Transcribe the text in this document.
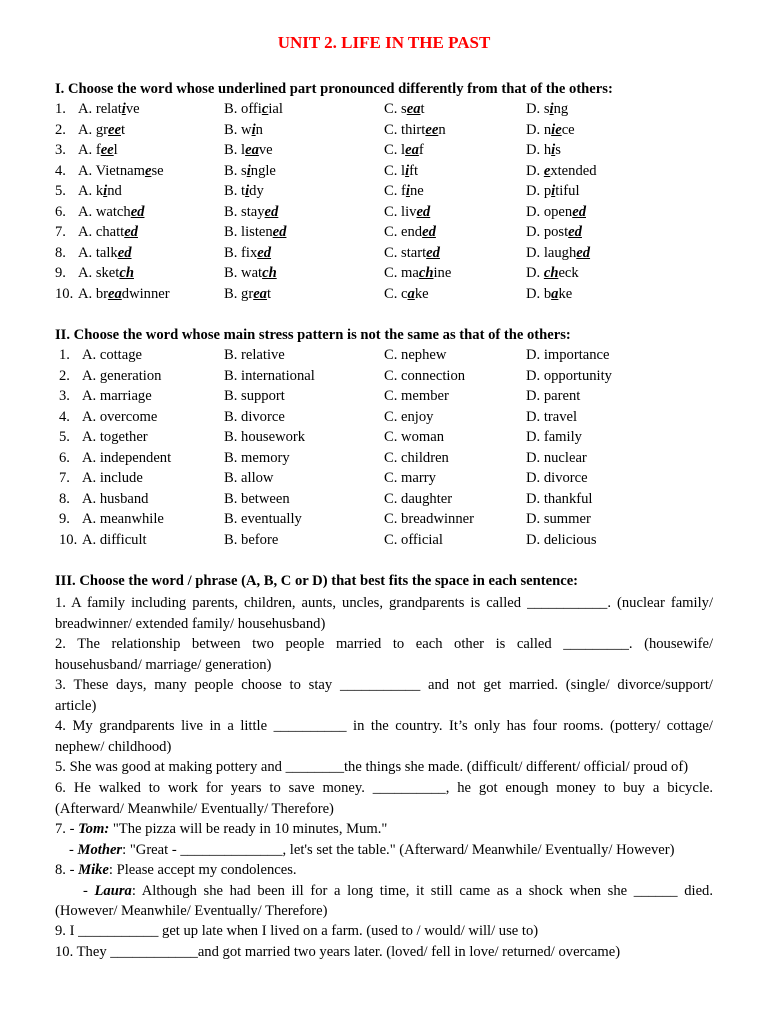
UNIT 2. LIFE IN THE PAST
I. Choose the word whose underlined part pronounced differently from that of the others:
1. A. relative	B. official	C. seat	D. sing
2. A. greet	B. win	C. thirteen	D. niece
3. A. feel	B. leave	C. leaf	D. his
4. A. Vietnamese	B. single	C. lift	D. extended
5. A. kind	B. tidy	C. fine	D. pitiful
6. A. watched	B. stayed	C. lived	D. opened
7. A. chatted	B. listened	C. ended	D. posted
8. A. talked	B. fixed	C. started	D. laughed
9. A. sketch	B. watch	C. machine	D. check
10. A. breadwinner	B. great	C. cake	D. bake
II. Choose the word whose main stress pattern is not the same as that of the others:
1. A. cottage	B. relative	C. nephew	D. importance
2. A. generation	B. international	C. connection	D. opportunity
3. A. marriage	B. support	C. member	D. parent
4. A. overcome	B. divorce	C. enjoy	D. travel
5. A. together	B. housework	C. woman	D. family
6. A. independent	B. memory	C. children	D. nuclear
7. A. include	B. allow	C. marry	D. divorce
8. A. husband	B. between	C. daughter	D. thankful
9. A. meanwhile	B. eventually	C. breadwinner	D. summer
10. A. difficult	B. before	C. official	D. delicious
III. Choose the word / phrase (A, B, C or D) that best fits the space in each sentence:
1. A family including parents, children, aunts, uncles, grandparents is called ___________. (nuclear family/
breadwinner/ extended family/ househusband)
2. The relationship between two people married to each other is called _________. (housewife/
househusband/ marriage/ generation)
3. These days, many people choose to stay ___________ and not get married. (single/ divorce/support/
article)
4. My grandparents live in a little __________ in the country. It’s only has four rooms. (pottery/ cottage/
nephew/ childhood)
5. She was good at making pottery and ________the things she made. (difficult/ different/ official/ proud of)
6. He walked to work for years to save money. __________, he got enough money to buy a bicycle.
(Afterward/ Meanwhile/ Eventually/ Therefore)
7. - Tom: "The pizza will be ready in 10 minutes, Mum."
- Mother: "Great - ______________, let's set the table." (Afterward/ Meanwhile/ Eventually/ However)
8. - Mike: Please accept my condolences.
- Laura: Although she had been ill for a long time, it still came as a shock when she ______ died.
(However/ Meanwhile/ Eventually/ Therefore)
9. I ___________ get up late when I lived on a farm. (used to / would/ will/ use to)
10. They ____________and got married two years later. (loved/ fell in love/ returned/ overcame)
